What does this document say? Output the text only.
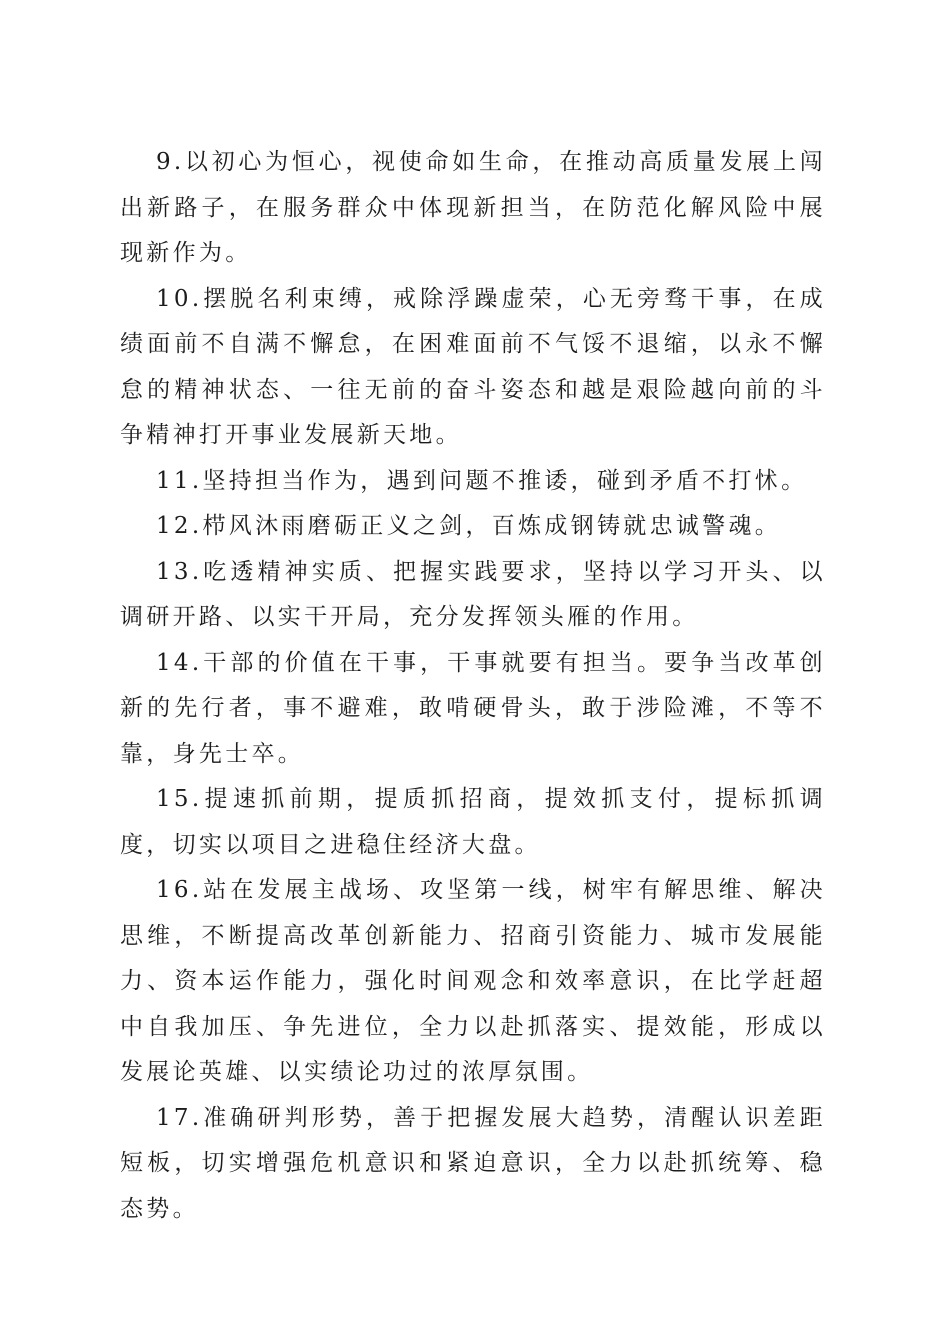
9.以初心为恒心，视使命如生命，在推动高质量发展上闯出新路子，在服务群众中体现新担当，在防范化解风险中展现新作为。

10.摆脱名利束缚，戒除浮躁虚荣，心无旁骛干事，在成绩面前不自满不懈怠，在困难面前不气馁不退缩，以永不懈怠的精神状态、一往无前的奋斗姿态和越是艰险越向前的斗争精神打开事业发展新天地。

11.坚持担当作为，遇到问题不推诿，碰到矛盾不打怵。

12.栉风沐雨磨砺正义之剑，百炼成钢铸就忠诚警魂。

13.吃透精神实质、把握实践要求，坚持以学习开头、以调研开路、以实干开局，充分发挥领头雁的作用。

14.干部的价值在干事，干事就要有担当。要争当改革创新的先行者，事不避难，敢啃硬骨头，敢于涉险滩，不等不靠，身先士卒。

15.提速抓前期，提质抓招商，提效抓支付，提标抓调度，切实以项目之进稳住经济大盘。

16.站在发展主战场、攻坚第一线，树牢有解思维、解决思维，不断提高改革创新能力、招商引资能力、城市发展能力、资本运作能力，强化时间观念和效率意识，在比学赶超中自我加压、争先进位，全力以赴抓落实、提效能，形成以发展论英雄、以实绩论功过的浓厚氛围。

17.准确研判形势，善于把握发展大趋势，清醒认识差距短板，切实增强危机意识和紧迫意识，全力以赴抓统筹、稳态势。
